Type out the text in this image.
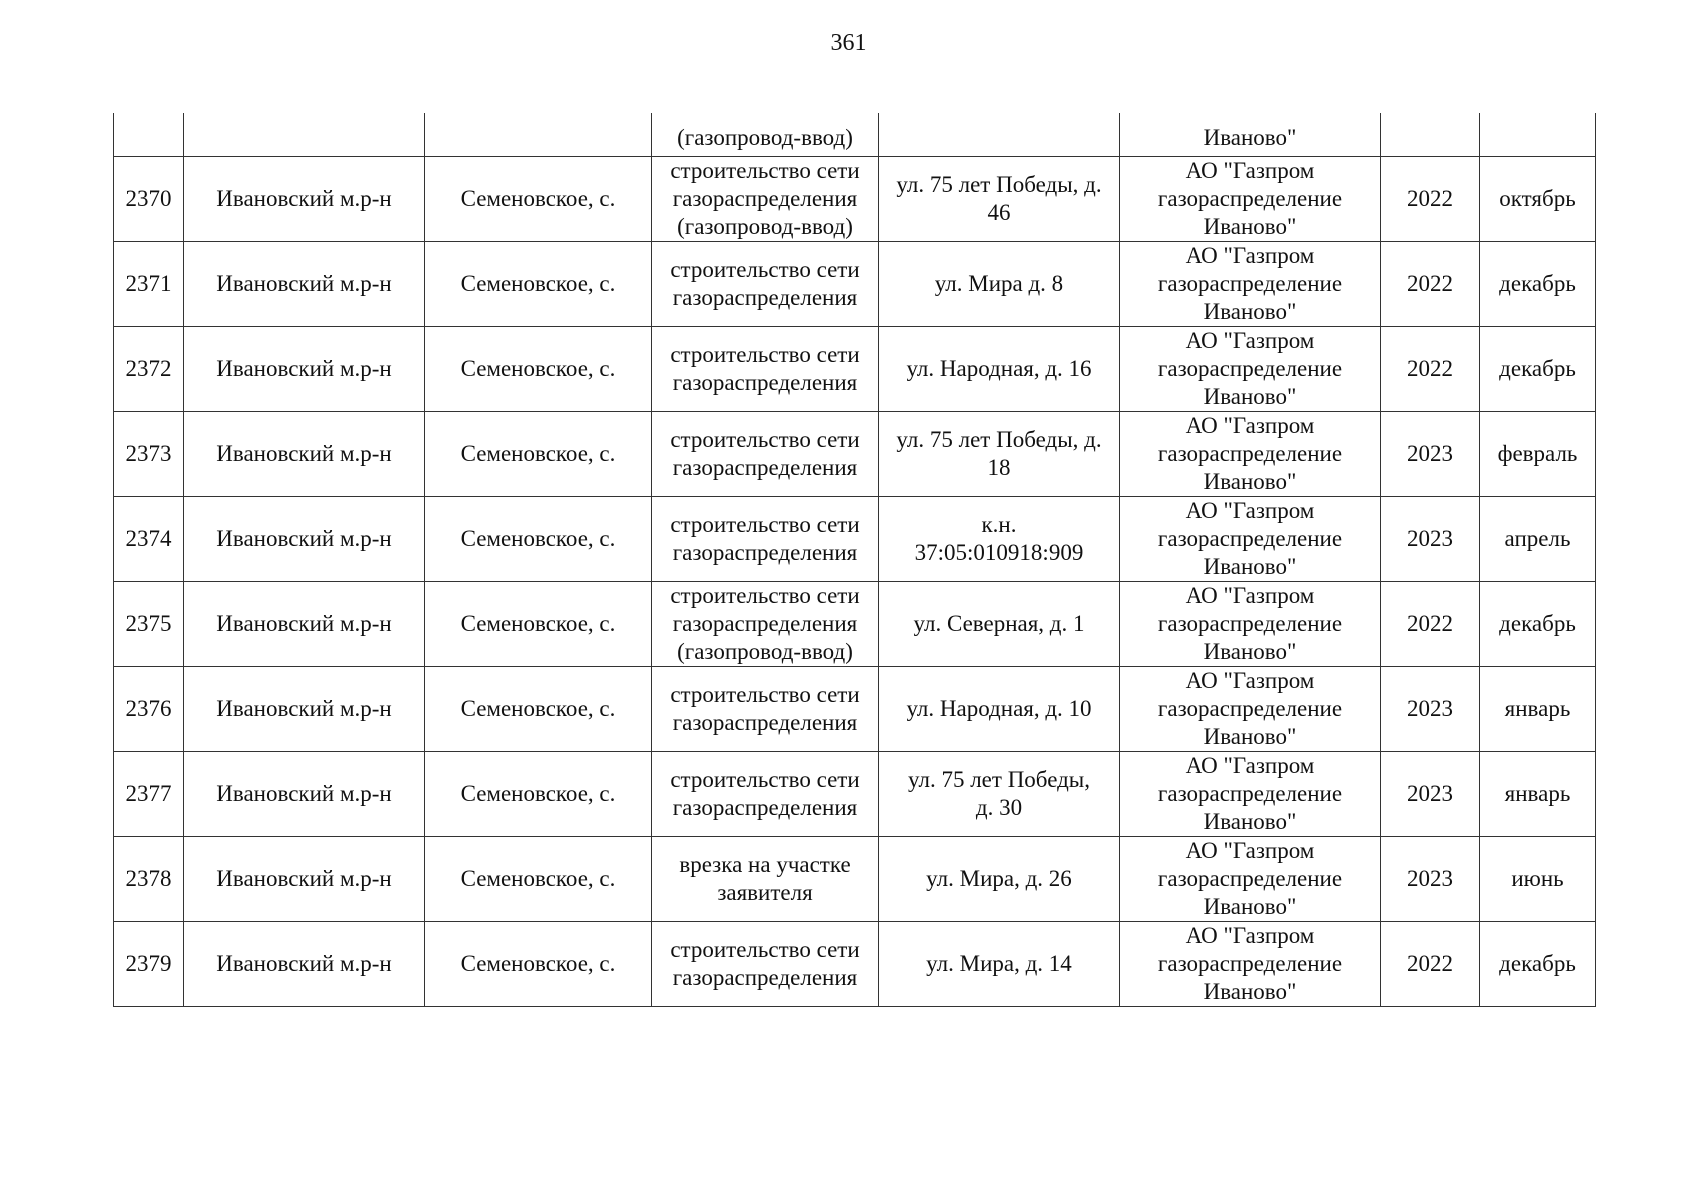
361
			(газопровод-ввод)		Иваново"		
2370	Ивановский м.р-н	Семеновское, с.	строительство сети
газораспределения
(газопровод-ввод)	ул. 75 лет Победы, д.
46	АО "Газпром
газораспределение
Иваново"	2022	октябрь
2371	Ивановский м.р-н	Семеновское, с.	строительство сети
газораспределения	ул. Мира д. 8	АО "Газпром
газораспределение
Иваново"	2022	декабрь
2372	Ивановский м.р-н	Семеновское, с.	строительство сети
газораспределения	ул. Народная, д. 16	АО "Газпром
газораспределение
Иваново"	2022	декабрь
2373	Ивановский м.р-н	Семеновское, с.	строительство сети
газораспределения	ул. 75 лет Победы, д.
18	АО "Газпром
газораспределение
Иваново"	2023	февраль
2374	Ивановский м.р-н	Семеновское, с.	строительство сети
газораспределения	к.н.
37:05:010918:909	АО "Газпром
газораспределение
Иваново"	2023	апрель
2375	Ивановский м.р-н	Семеновское, с.	строительство сети
газораспределения
(газопровод-ввод)	ул. Северная, д. 1	АО "Газпром
газораспределение
Иваново"	2022	декабрь
2376	Ивановский м.р-н	Семеновское, с.	строительство сети
газораспределения	ул. Народная, д. 10	АО "Газпром
газораспределение
Иваново"	2023	январь
2377	Ивановский м.р-н	Семеновское, с.	строительство сети
газораспределения	ул. 75 лет Победы,
д. 30	АО "Газпром
газораспределение
Иваново"	2023	январь
2378	Ивановский м.р-н	Семеновское, с.	врезка на участке
заявителя	ул. Мира, д. 26	АО "Газпром
газораспределение
Иваново"	2023	июнь
2379	Ивановский м.р-н	Семеновское, с.	строительство сети
газораспределения	ул. Мира, д. 14	АО "Газпром
газораспределение
Иваново"	2022	декабрь
